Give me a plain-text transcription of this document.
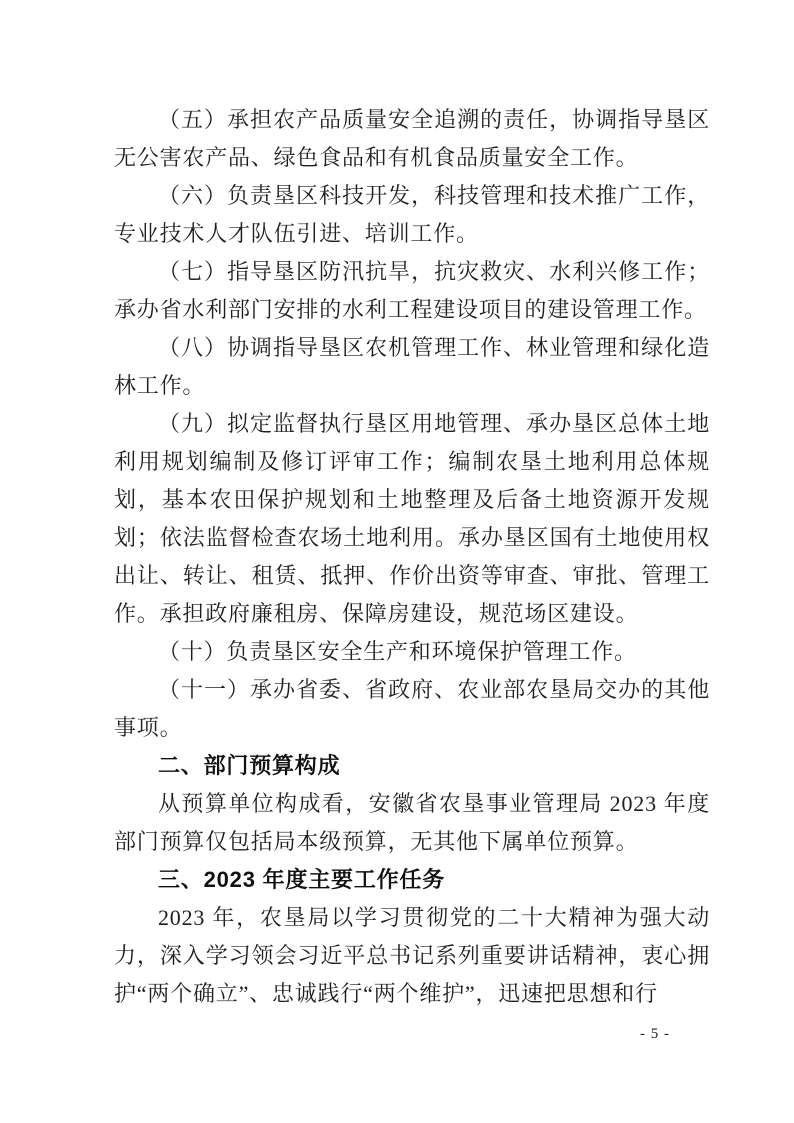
（五）承担农产品质量安全追溯的责任，协调指导垦区无公害农产品、绿色食品和有机食品质量安全工作。

（六）负责垦区科技开发，科技管理和技术推广工作，专业技术人才队伍引进、培训工作。

（七）指导垦区防汛抗旱，抗灾救灾、水利兴修工作；承办省水利部门安排的水利工程建设项目的建设管理工作。

（八）协调指导垦区农机管理工作、林业管理和绿化造林工作。

（九）拟定监督执行垦区用地管理、承办垦区总体土地利用规划编制及修订评审工作；编制农垦土地利用总体规划，基本农田保护规划和土地整理及后备土地资源开发规划；依法监督检查农场土地利用。承办垦区国有土地使用权出让、转让、租赁、抵押、作价出资等审查、审批、管理工作。承担政府廉租房、保障房建设，规范场区建设。

（十）负责垦区安全生产和环境保护管理工作。

（十一）承办省委、省政府、农业部农垦局交办的其他事项。

二、部门预算构成

从预算单位构成看，安徽省农垦事业管理局 2023 年度部门预算仅包括局本级预算，无其他下属单位预算。

三、2023 年度主要工作任务

2023 年，农垦局以学习贯彻党的二十大精神为强大动力，深入学习领会习近平总书记系列重要讲话精神，衷心拥护“两个确立”、忠诚践行“两个维护”，迅速把思想和行

- 5 -
